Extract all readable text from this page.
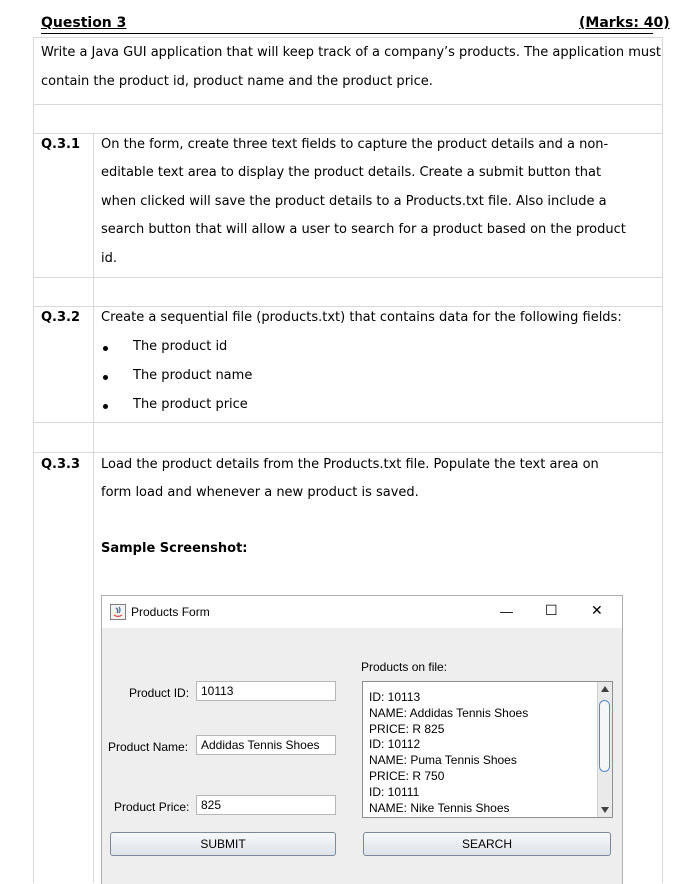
Question 3	(Marks: 40)
Write a Java GUI application that will keep track of a company’s products. The application must
contain the product id, product name and the product price.
Q.3.1 On the form, create three text fields to capture the product details and a non-
editable text area to display the product details. Create a submit button that
when clicked will save the product details to a Products.txt file. Also include a
search button that will allow a user to search for a product based on the product
id.
Q.3.2 Create a sequential file (products.txt) that contains data for the following fields:
The product id
The product name
The product price
Q.3.3 Load the product details from the Products.txt file. Populate the text area on
form load and whenever a new product is saved.
Sample Screenshot:
Products Form	— ☐ ✕
Product ID: 10113
Product Name:	Addidas Tennis Shoes
Product Price: 825
Products on file:
ID: 10113
NAME: Addidas Tennis Shoes
PRICE: R 825
ID: 10112
NAME: Puma Tennis Shoes
PRICE: R 750
ID: 10111
NAME: Nike Tennis Shoes
SUBMIT	SEARCH
